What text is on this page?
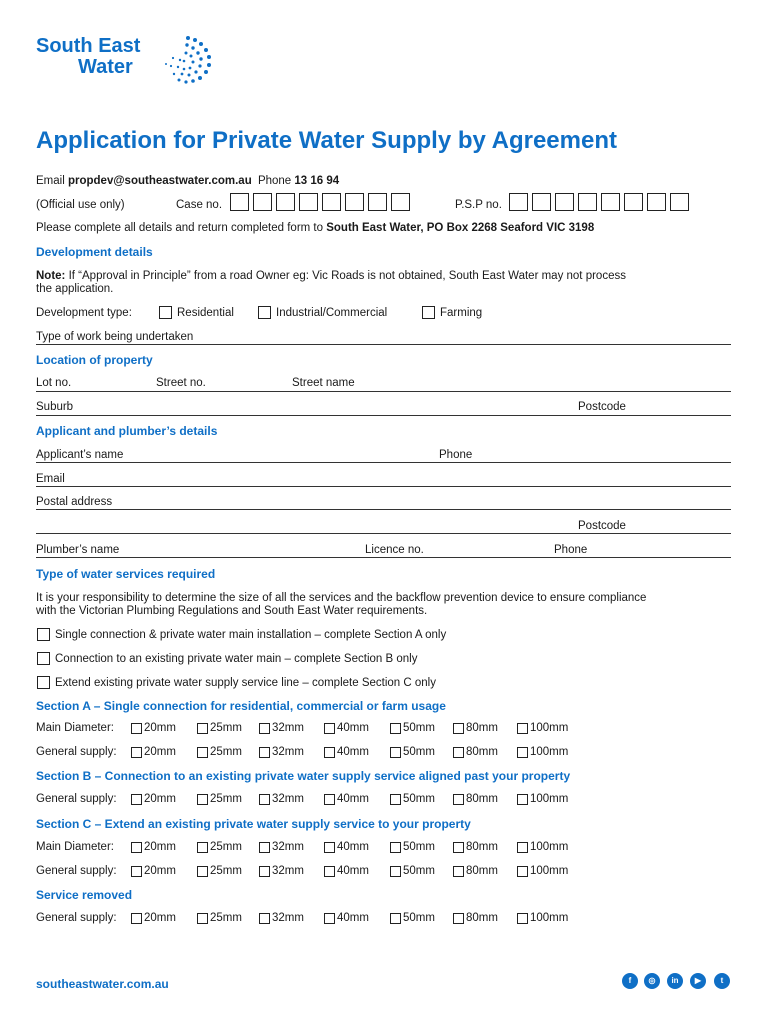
South East
Water
Application for Private Water Supply by Agreement
Email propdev@southeastwater.com.au Phone 13 16 94
(Official use only)	Case no.	P.S.P no.
Please complete all details and return completed form to South East Water, PO Box 2268 Seaford VIC 3198
Development details
Note: If “Approval in Principle” from a road Owner eg: Vic Roads is not obtained, South East Water may not process
the application.
Development type:	Residential	Industrial/Commercial	Farming
Type of work being undertaken
Location of property
Lot no.	Street no.	Street name
Suburb	Postcode
Applicant and plumber’s details
Applicant’s name	Phone
Email
Postal address
Postcode
Plumber’s name	Licence no.	Phone
Type of water services required
It is your responsibility to determine the size of all the services and the backflow prevention device to ensure compliance
with the Victorian Plumbing Regulations and South East Water requirements.
Single connection & private water main installation – complete Section A only
Connection to an existing private water main – complete Section B only
Extend existing private water supply service line – complete Section C only
Section A – Single connection for residential, commercial or farm usage
Main Diameter:	20mm	25mm	32mm	40mm	50mm	80mm	100mm
General supply: 20mm	25mm	32mm	40mm	50mm	80mm	100mm
Section B – Connection to an existing private water supply service aligned past your property
General supply: 20mm	25mm	32mm	40mm	50mm	80mm	100mm
Section C – Extend an existing private water supply service to your property
Main Diameter:	20mm	25mm	32mm	40mm	50mm	80mm	100mm
General supply: 20mm	25mm	32mm	40mm	50mm	80mm	100mm
Service removed
General supply: 20mm	25mm	32mm	40mm	50mm	80mm	100mm
southeastwater.com.au	f	◎	in	▶	t
